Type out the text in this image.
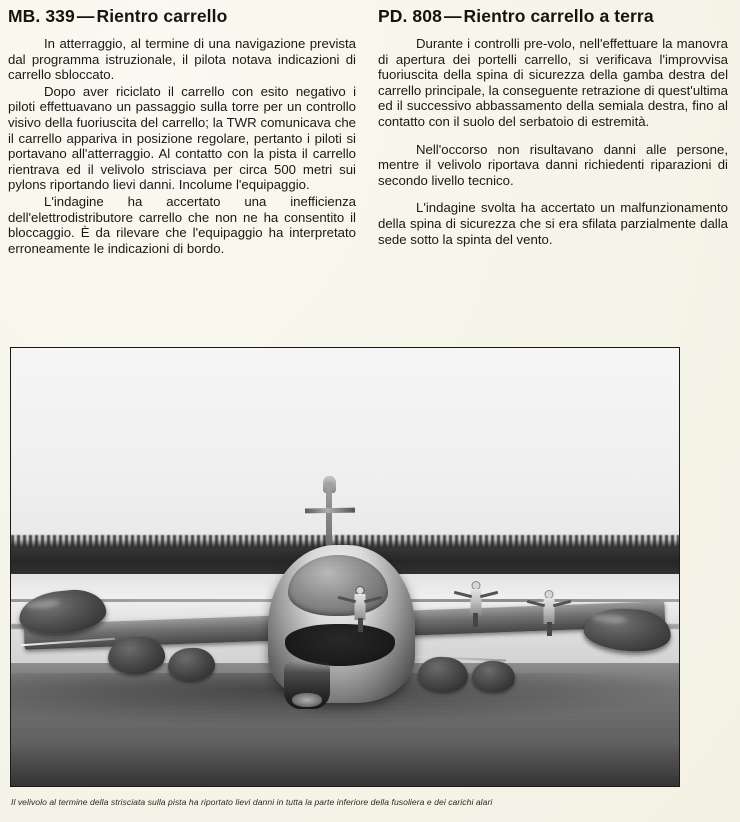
MB. 339 — Rientro carrello

In atterraggio, al termine di una navigazione prevista dal programma istruzionale, il pilota notava indicazioni di carrello sbloccato.

Dopo aver riciclato il carrello con esito negativo i piloti effettuavano un passaggio sulla torre per un controllo visivo della fuoriuscita del carrello; la TWR comunicava che il carrello appariva in posizione regolare, pertanto i piloti si portavano all'atterraggio. Al contatto con la pista il carrello rientrava ed il velivolo strisciava per circa 500 metri sui pylons riportando lievi danni. Incolume l'equipaggio.

L'indagine ha accertato una inefficienza dell'elettrodistributore carrello che non ne ha consentito il bloccaggio. È da rilevare che l'equipaggio ha interpretato erroneamente le indicazioni di bordo.

PD. 808 — Rientro carrello a terra

Durante i controlli pre-volo, nell'effettuare la manovra di apertura dei portelli carrello, si verificava l'improvvisa fuoriuscita della spina di sicurezza della gamba destra del carrello principale, la conseguente retrazione di quest'ultima ed il successivo abbassamento della semiala destra, fino al contatto con il suolo del serbatoio di estremità.

Nell'occorso non risultavano danni alle persone, mentre il velivolo riportava danni richiedenti riparazioni di secondo livello tecnico.

L'indagine svolta ha accertato un malfunzionamento della spina di sicurezza che si era sfilata parzialmente dalla sede sotto la spinta del vento.

Il velivolo al termine della strisciata sulla pista ha riportato lievi danni in tutta la parte inferiore della fusoliera e dei carichi alari
